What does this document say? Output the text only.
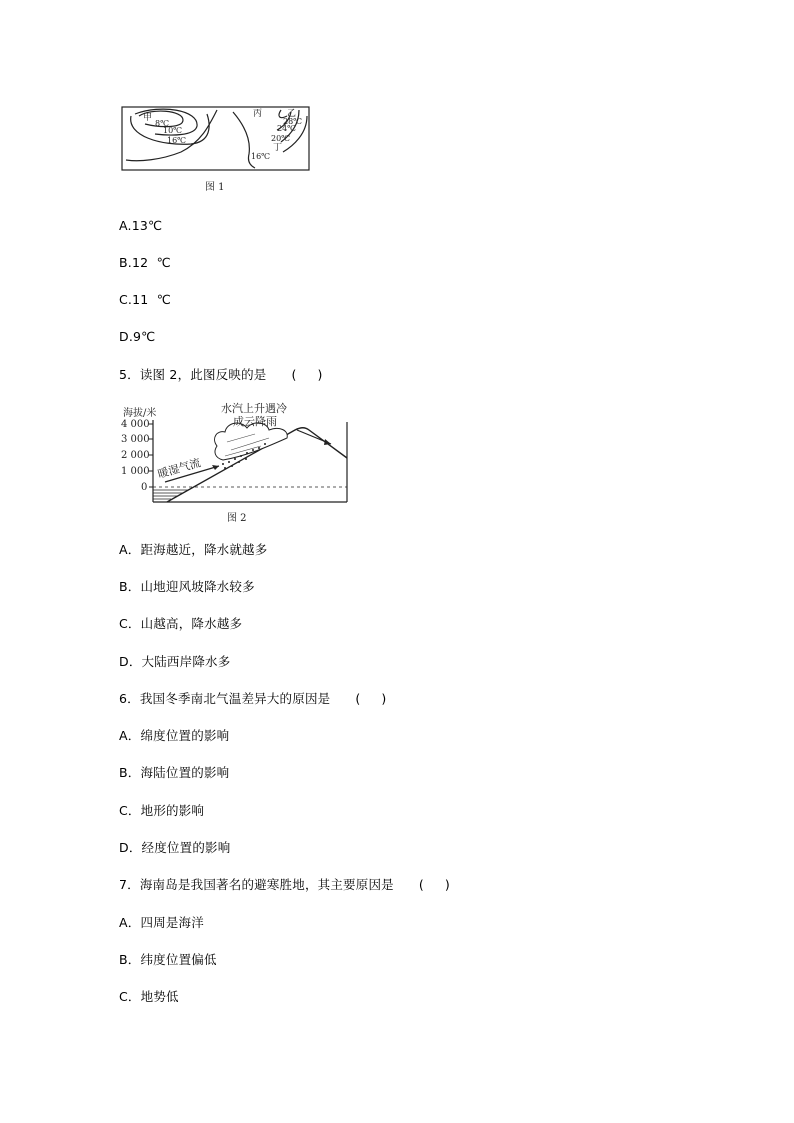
甲
8℃
10℃
16℃
丙	乙
28℃
24℃
20℃
丁
16℃
图 1
A.13℃
B.12  ℃
C.11  ℃
D.9℃
5．读图 2，此图反映的是      (     )
海拔/米
4 000
3 000
2 000
1 000
0
水汽上升遇冷
成云降雨
暖湿气流
图 2
A．距海越近，降水就越多
B．山地迎风坡降水较多
C．山越高，降水越多
D．大陆西岸降水多
6．我国冬季南北气温差异大的原因是      (     )
A．绵度位置的影响
B．海陆位置的影响
C．地形的影响
D．经度位置的影响
7．海南岛是我国著名的避寒胜地，其主要原因是      (     )
A．四周是海洋
B．纬度位置偏低
C．地势低
